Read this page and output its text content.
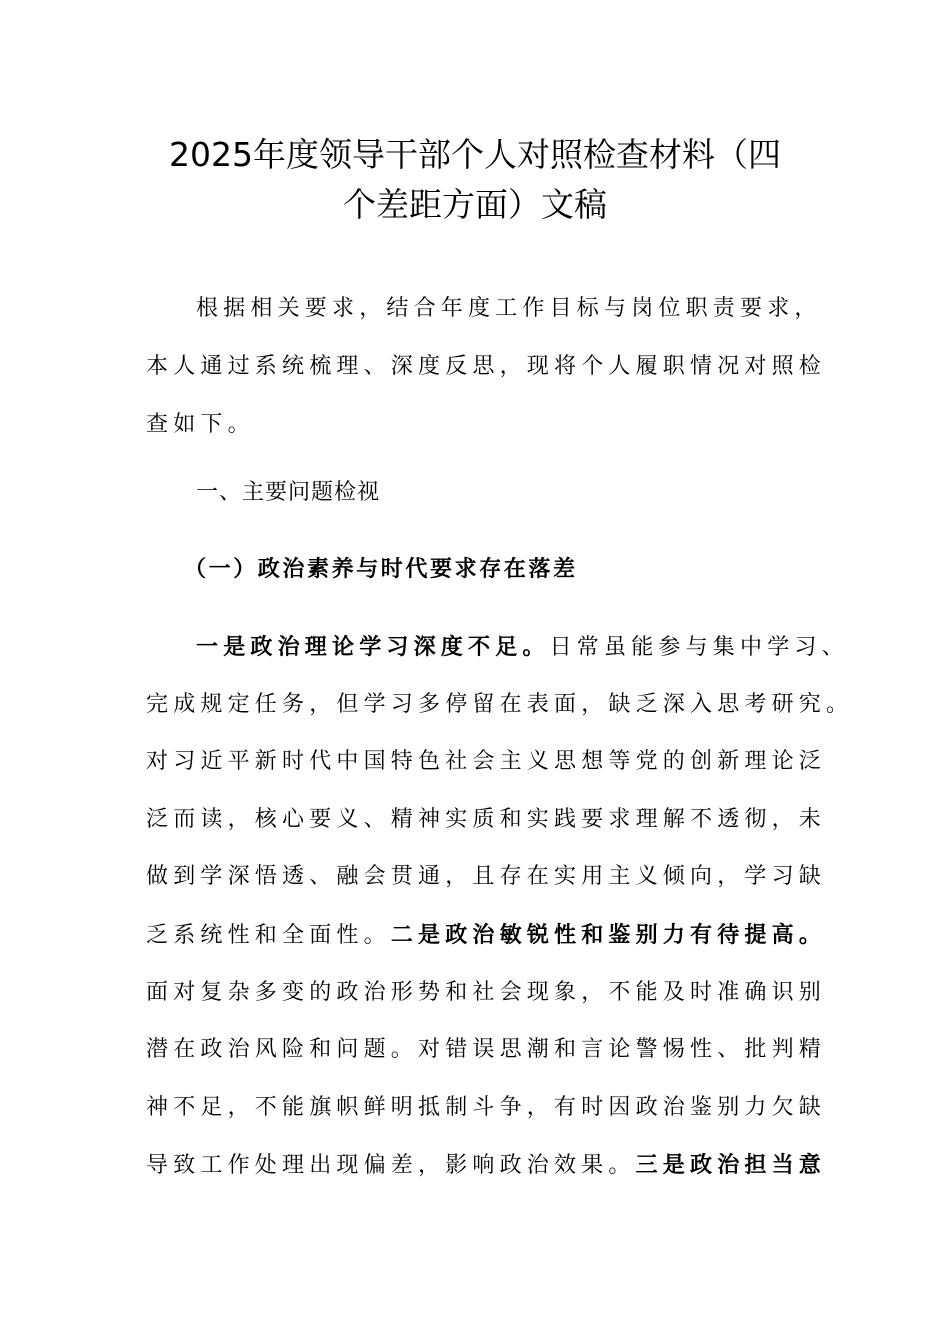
2025年度领导干部个人对照检查材料（四
个差距方面）文稿
根据相关要求，结合年度工作目标与岗位职责要求，
本人通过系统梳理、深度反思，现将个人履职情况对照检
查如下。
一、主要问题检视
（一）政治素养与时代要求存在落差
一是政治理论学习深度不足。日常虽能参与集中学习、
完成规定任务，但学习多停留在表面，缺乏深入思考研究。
对习近平新时代中国特色社会主义思想等党的创新理论泛
泛而读，核心要义、精神实质和实践要求理解不透彻，未
做到学深悟透、融会贯通，且存在实用主义倾向，学习缺
乏系统性和全面性。二是政治敏锐性和鉴别力有待提高。
面对复杂多变的政治形势和社会现象，不能及时准确识别
潜在政治风险和问题。对错误思潮和言论警惕性、批判精
神不足，不能旗帜鲜明抵制斗争，有时因政治鉴别力欠缺
导致工作处理出现偏差，影响政治效果。三是政治担当意
